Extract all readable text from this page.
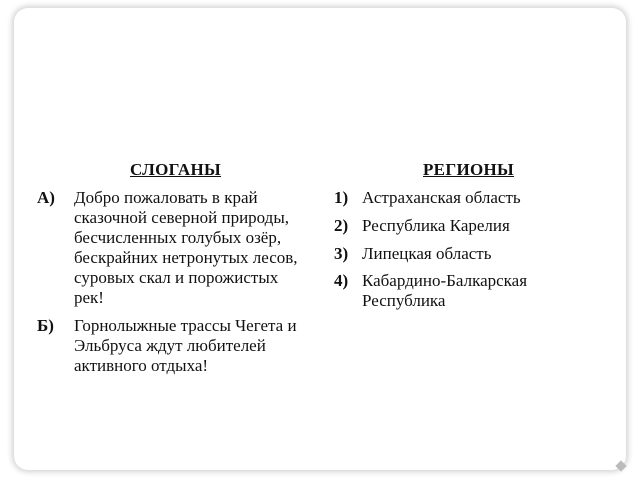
СЛОГАНЫ	РЕГИОНЫ
А) Добро пожаловать в край
сказочной северной природы,
бесчисленных голубых озёр,
бескрайних нетронутых лесов,
суровых скал и порожистых
рек!
Б) Горнолыжные трассы Чегета и
Эльбруса ждут любителей
активного отдыха!
1) Астраханская область
2) Республика Карелия
3) Липецкая область
4) Кабардино-Балкарская
Республика
